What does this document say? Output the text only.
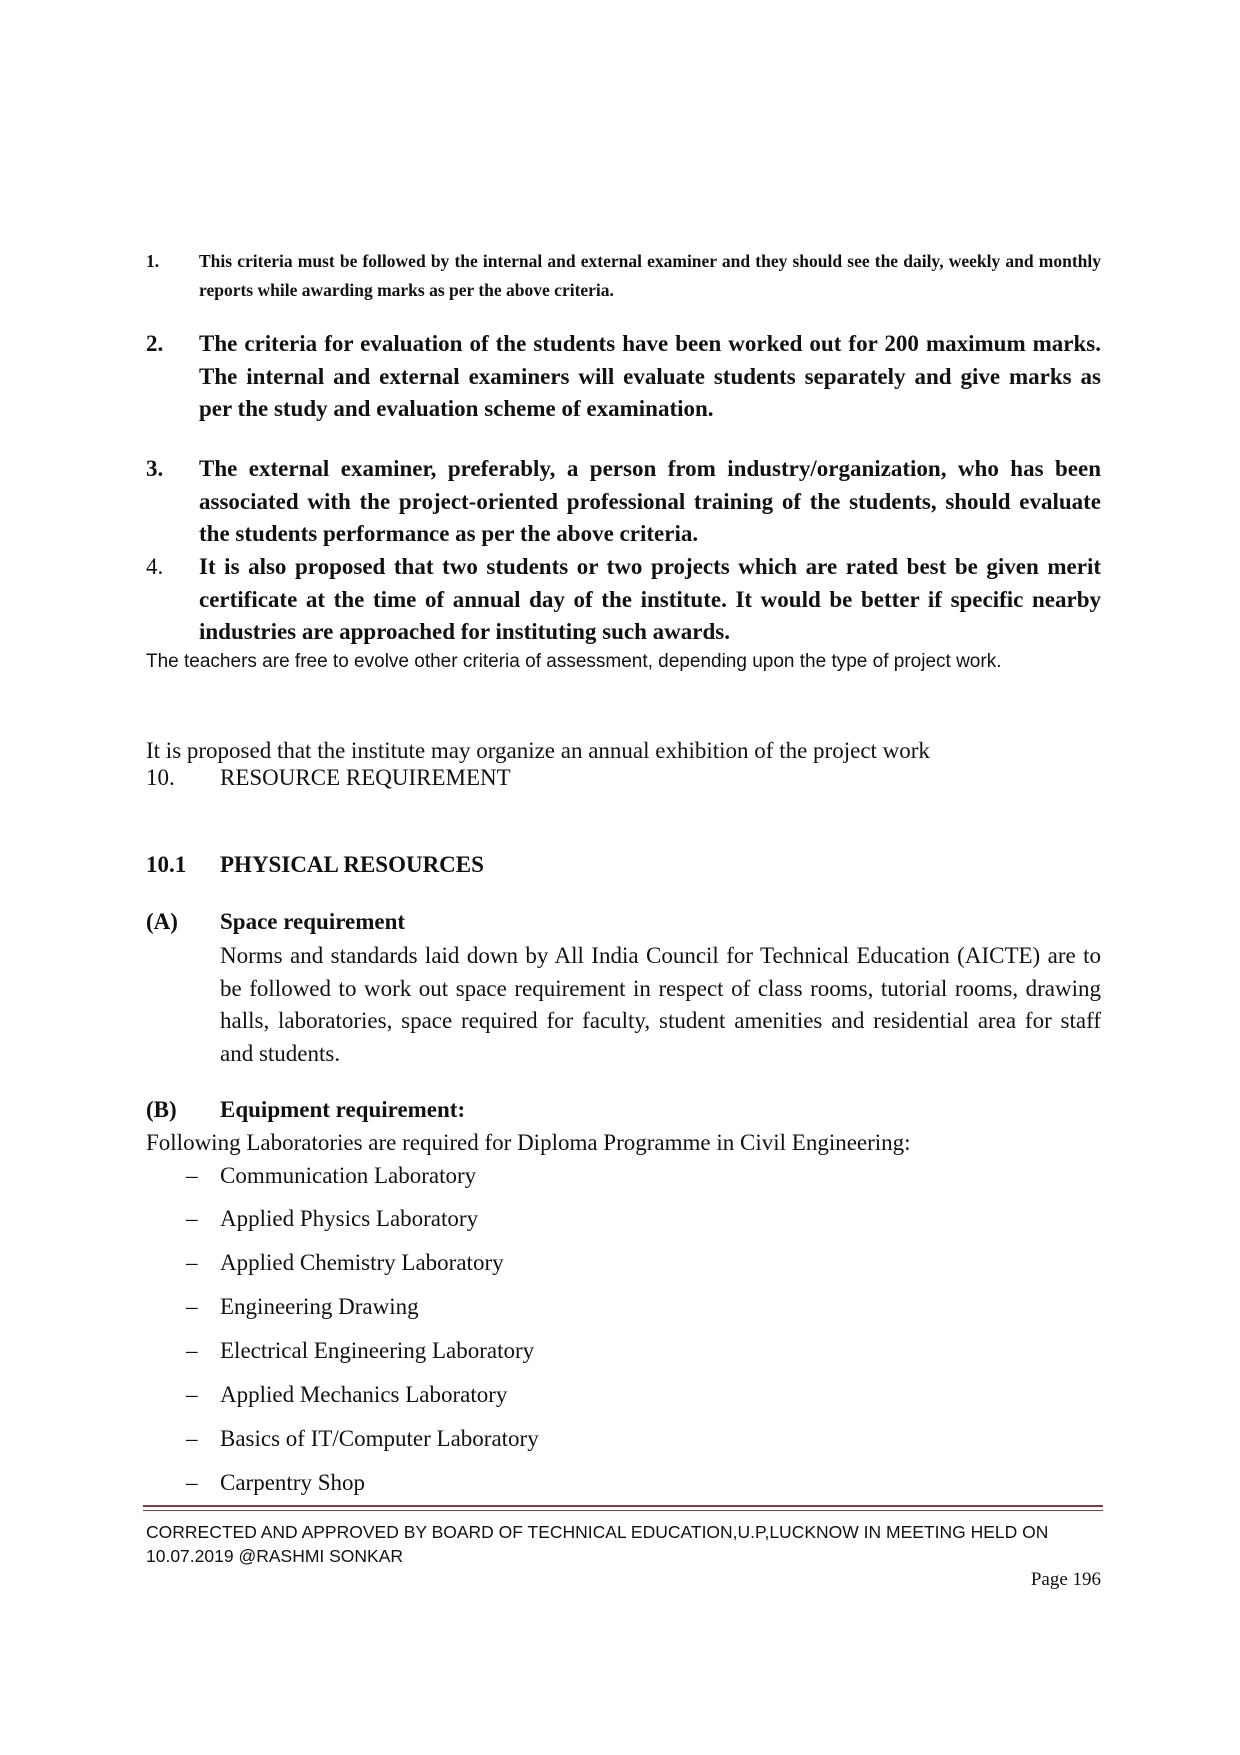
1. This criteria must be followed by the internal and external examiner and they should see the daily, weekly and monthly reports while awarding marks as per the above criteria.
2. The criteria for evaluation of the students have been worked out for 200 maximum marks. The internal and external examiners will evaluate students separately and give marks as per the study and evaluation scheme of examination.
3. The external examiner, preferably, a person from industry/organization, who has been associated with the project-oriented professional training of the students, should evaluate the students performance as per the above criteria.
4. It is also proposed that two students or two projects which are rated best be given merit certificate at the time of annual day of the institute. It would be better if specific nearby industries are approached for instituting such awards.
The teachers are free to evolve other criteria of assessment, depending upon the type of project work.
It is proposed that the institute may organize an annual exhibition of the project work
10. RESOURCE REQUIREMENT
10.1 PHYSICAL RESOURCES
(A) Space requirement
Norms and standards laid down by All India Council for Technical Education (AICTE) are to be followed to work out space requirement in respect of class rooms, tutorial rooms, drawing halls, laboratories, space required for faculty, student amenities and residential area for staff and students.
(B) Equipment requirement:
Following Laboratories are required for Diploma Programme in Civil Engineering:
– Communication Laboratory
– Applied Physics Laboratory
– Applied Chemistry Laboratory
– Engineering Drawing
– Electrical Engineering Laboratory
– Applied Mechanics Laboratory
– Basics of IT/Computer Laboratory
– Carpentry Shop
CORRECTED AND APPROVED BY BOARD OF TECHNICAL EDUCATION,U.P,LUCKNOW IN MEETING HELD ON 10.07.2019 @RASHMI SONKAR
Page 196
